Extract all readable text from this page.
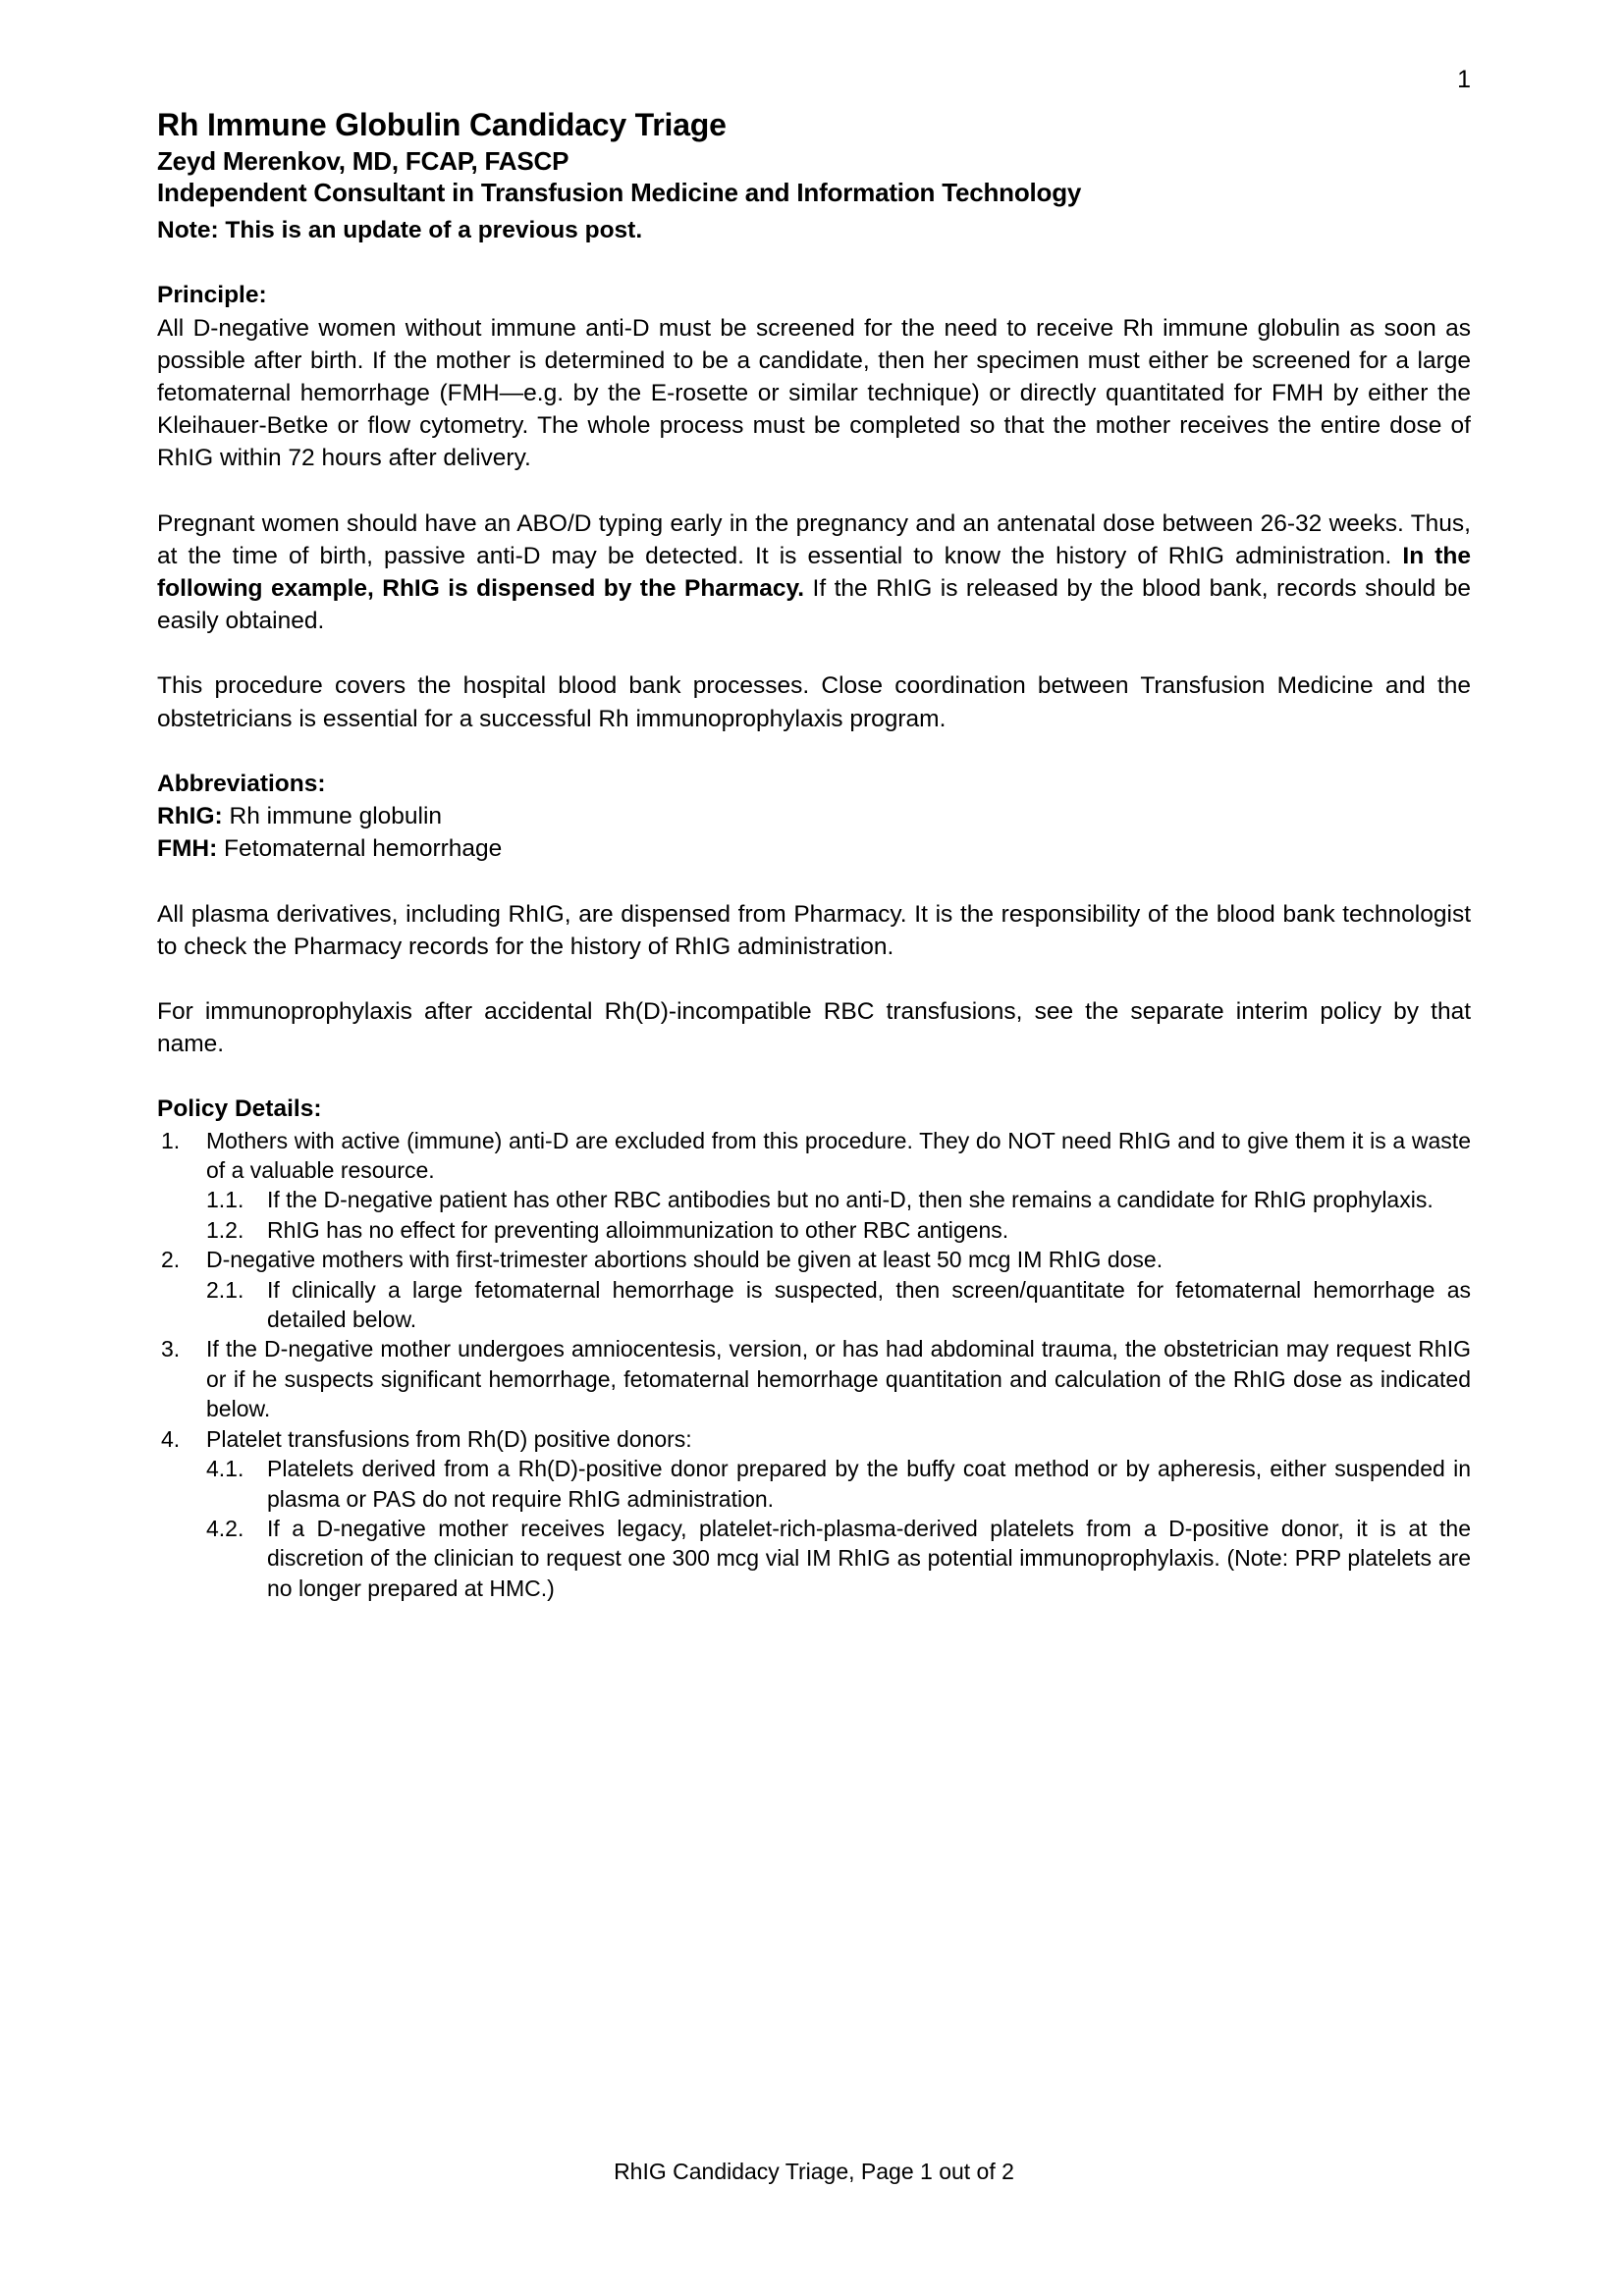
1
Rh Immune Globulin Candidacy Triage
Zeyd Merenkov, MD, FCAP, FASCP
Independent Consultant in Transfusion Medicine and Information Technology
Note: This is an update of a previous post.
Principle:

All D-negative women without immune anti-D must be screened for the need to receive Rh immune globulin as soon as possible after birth. If the mother is determined to be a candidate, then her specimen must either be screened for a large fetomaternal hemorrhage (FMH—e.g. by the E-rosette or similar technique) or directly quantitated for FMH by either the Kleihauer-Betke or flow cytometry. The whole process must be completed so that the mother receives the entire dose of RhIG within 72 hours after delivery.

Pregnant women should have an ABO/D typing early in the pregnancy and an antenatal dose between 26-32 weeks. Thus, at the time of birth, passive anti-D may be detected. It is essential to know the history of RhIG administration. In the following example, RhIG is dispensed by the Pharmacy. If the RhIG is released by the blood bank, records should be easily obtained.

This procedure covers the hospital blood bank processes. Close coordination between Transfusion Medicine and the obstetricians is essential for a successful Rh immunoprophylaxis program.

Abbreviations:
RhIG: Rh immune globulin
FMH: Fetomaternal hemorrhage

All plasma derivatives, including RhIG, are dispensed from Pharmacy. It is the responsibility of the blood bank technologist to check the Pharmacy records for the history of RhIG administration.

For immunoprophylaxis after accidental Rh(D)-incompatible RBC transfusions, see the separate interim policy by that name.

Policy Details:
1.	Mothers with active (immune) anti-D are excluded from this procedure. They do NOT need RhIG and to give them it is a waste of a valuable resource.
1.1.	If the D-negative patient has other RBC antibodies but no anti-D, then she remains a candidate for RhIG prophylaxis.
1.2.	RhIG has no effect for preventing alloimmunization to other RBC antigens.
2.	D-negative mothers with first-trimester abortions should be given at least 50 mcg IM RhIG dose.
2.1.	If clinically a large fetomaternal hemorrhage is suspected, then screen/quantitate for fetomaternal hemorrhage as detailed below.
3.	If the D-negative mother undergoes amniocentesis, version, or has had abdominal trauma, the obstetrician may request RhIG or if he suspects significant hemorrhage, fetomaternal hemorrhage quantitation and calculation of the RhIG dose as indicated below.
4.	Platelet transfusions from Rh(D) positive donors:
4.1.	Platelets derived from a Rh(D)-positive donor prepared by the buffy coat method or by apheresis, either suspended in plasma or PAS do not require RhIG administration.
4.2.	If a D-negative mother receives legacy, platelet-rich-plasma-derived platelets from a D-positive donor, it is at the discretion of the clinician to request one 300 mcg vial IM RhIG as potential immunoprophylaxis. (Note: PRP platelets are no longer prepared at HMC.)
RhIG Candidacy Triage, Page 1 out of 2
